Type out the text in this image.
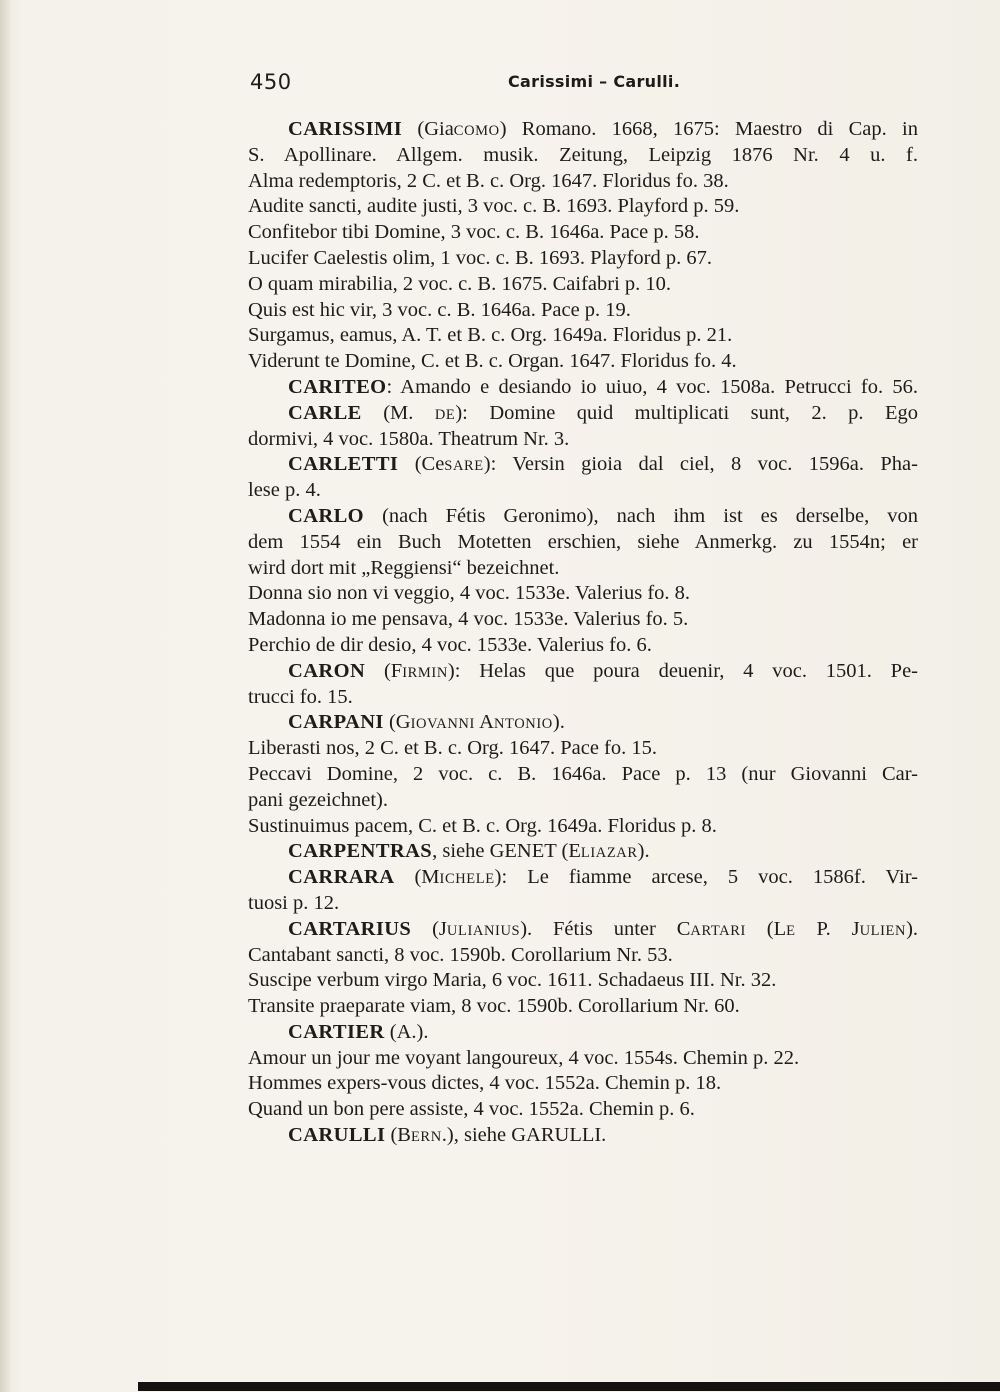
450	Carissimi – Carulli.
CARISSIMI (GiaCOMO) Romano. 1668, 1675: Maestro di Cap. in
S. Apollinare. Allgem. musik. Zeitung, Leipzig 1876 Nr. 4 u. f.
Alma redemptoris, 2 C. et B. c. Org. 1647. Floridus fo. 38.
Audite sancti, audite justi, 3 voc. c. B. 1693. Playford p. 59.
Confitebor tibi Domine, 3 voc. c. B. 1646a. Pace p. 58.
Lucifer Caelestis olim, 1 voc. c. B. 1693. Playford p. 67.
O quam mirabilia, 2 voc. c. B. 1675. Caifabri p. 10.
Quis est hic vir, 3 voc. c. B. 1646a. Pace p. 19.
Surgamus, eamus, A. T. et B. c. Org. 1649a. Floridus p. 21.
Viderunt te Domine, C. et B. c. Organ. 1647. Floridus fo. 4.
CARITEO: Amando e desiando io uiuo, 4 voc. 1508a. Petrucci fo. 56.
CARLE (M. DE): Domine quid multiplicati sunt, 2. p. Ego
dormivi, 4 voc. 1580a. Theatrum Nr. 3.
CARLETTI (CeSARE): Versin gioia dal ciel, 8 voc. 1596a. Pha-
lese p. 4.
CARLO (nach Fétis Geronimo), nach ihm ist es derselbe, von
dem 1554 ein Buch Motetten erschien, siehe Anmerkg. zu 1554n; er
wird dort mit „Reggiensi“ bezeichnet.
Donna sio non vi veggio, 4 voc. 1533e. Valerius fo. 8.
Madonna io me pensava, 4 voc. 1533e. Valerius fo. 5.
Perchio de dir desio, 4 voc. 1533e. Valerius fo. 6.
CARON (FIRMIN): Helas que poura deuenir, 4 voc. 1501. Pe-
trucci fo. 15.
CARPANI (GIOVANNI ANTONIO).
Liberasti nos, 2 C. et B. c. Org. 1647. Pace fo. 15.
Peccavi Domine, 2 voc. c. B. 1646a. Pace p. 13 (nur Giovanni Car-
pani gezeichnet).
Sustinuimus pacem, C. et B. c. Org. 1649a. Floridus p. 8.
CARPENTRAS, siehe GENET (ELIAZAR).
CARRARA (MICHELE): Le fiamme arcese, 5 voc. 1586f. Vir-
tuosi p. 12.
CARTARIUS (JULIANIUS). Fétis unter CARTARI (LE P. JULIEN).
Cantabant sancti, 8 voc. 1590b. Corollarium Nr. 53.
Suscipe verbum virgo Maria, 6 voc. 1611. Schadaeus III. Nr. 32.
Transite praeparate viam, 8 voc. 1590b. Corollarium Nr. 60.
CARTIER (A.).
Amour un jour me voyant langoureux, 4 voc. 1554s. Chemin p. 22.
Hommes expers-vous dictes, 4 voc. 1552a. Chemin p. 18.
Quand un bon pere assiste, 4 voc. 1552a. Chemin p. 6.
CARULLI (BERN.), siehe GARULLI.
